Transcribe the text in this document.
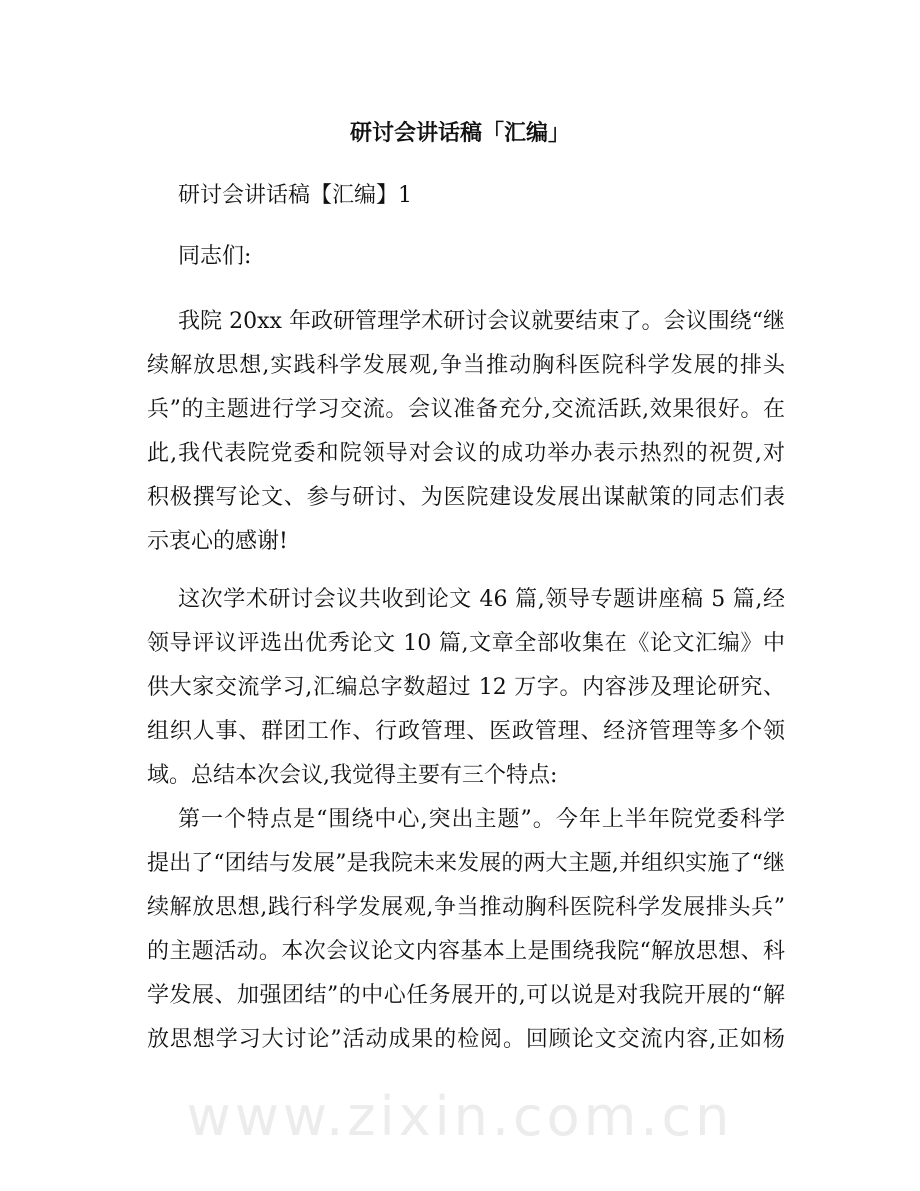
www.zixin.com.cn
研讨会讲话稿「汇编」
研讨会讲话稿【汇编】1
同志们:
我院 20xx 年政研管理学术研讨会议就要结束了。会议围绕“继
续解放思想,实践科学发展观,争当推动胸科医院科学发展的排头
兵”的主题进行学习交流。会议准备充分,交流活跃,效果很好。在
此,我代表院党委和院领导对会议的成功举办表示热烈的祝贺,对
积极撰写论文、参与研讨、为医院建设发展出谋献策的同志们表
示衷心的感谢!
这次学术研讨会议共收到论文 46 篇,领导专题讲座稿 5 篇,经
领导评议评选出优秀论文 10 篇,文章全部收集在《论文汇编》中
供大家交流学习,汇编总字数超过 12 万字。内容涉及理论研究、
组织人事、群团工作、行政管理、医政管理、经济管理等多个领
域。总结本次会议,我觉得主要有三个特点:
第一个特点是“围绕中心,突出主题”。今年上半年院党委科学
提出了“团结与发展”是我院未来发展的两大主题,并组织实施了“继
续解放思想,践行科学发展观,争当推动胸科医院科学发展排头兵”
的主题活动。本次会议论文内容基本上是围绕我院“解放思想、科
学发展、加强团结”的中心任务展开的,可以说是对我院开展的“解
放思想学习大讨论”活动成果的检阅。回顾论文交流内容,正如杨
